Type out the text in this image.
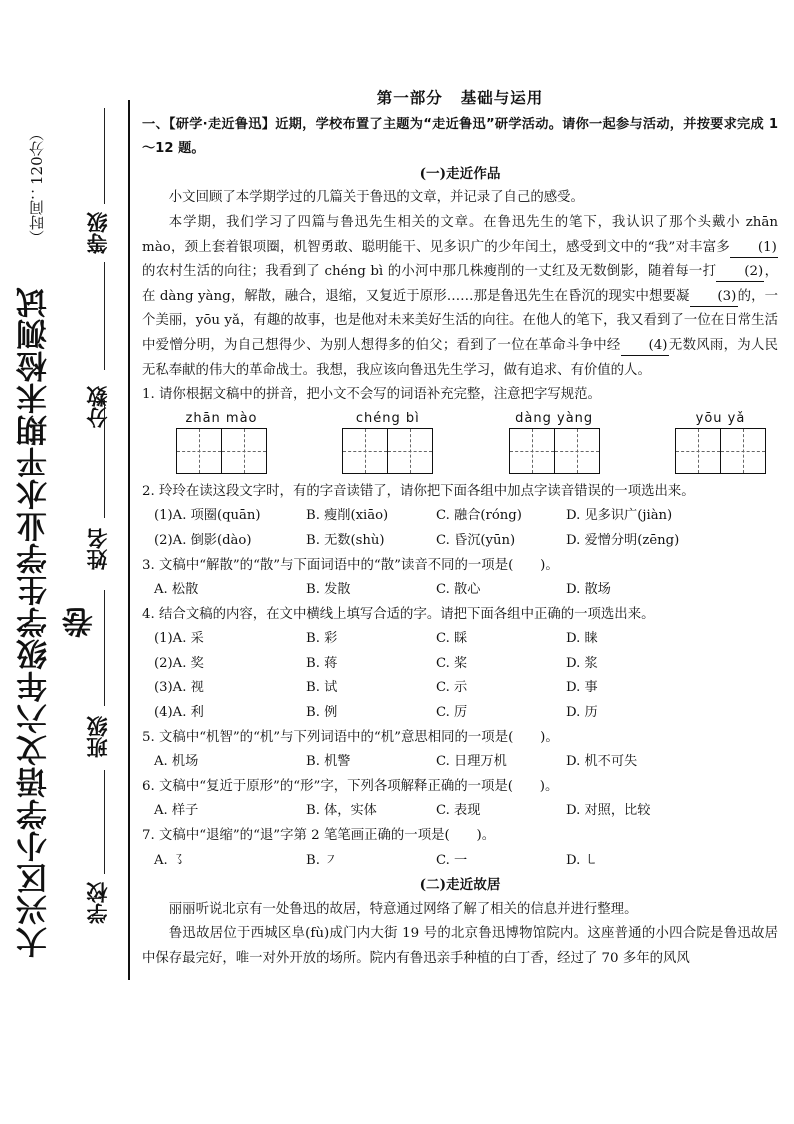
（时间：120分）
大兴区小学语文六年级学生学业水平期末检测试卷
学校
班级
姓名
分数
等级
第一部分 基础与运用

一、【研学·走近鲁迅】近期，学校布置了主题为“走近鲁迅”研学活动。请你一起参与活动，并按要求完成 1～12 题。

(一)走近作品

小文回顾了本学期学过的几篇关于鲁迅的文章，并记录了自己的感受。

本学期，我们学习了四篇与鲁迅先生相关的文章。在鲁迅先生的笔下，我认识了那个头戴小 zhān mào，颈上套着银项圈，机智勇敢、聪明能干、见多识广的少年闰土，感受到文中的“我”对丰富多 (1)的农村生活的向往；我看到了 chéng bì 的小河中那几株瘦削的一丈红及无数倒影，随着每一打 (2)，在 dàng yàng，解散，融合，退缩，又复近于原形……那是鲁迅先生在昏沉的现实中想要凝 (3)的，一个美丽，yōu yǎ，有趣的故事，也是他对未来美好生活的向往。在他人的笔下，我又看到了一位在日常生活中爱憎分明，为自己想得少、为别人想得多的伯父；看到了一位在革命斗争中经 (4)无数风雨，为人民无私奉献的伟大的革命战士。我想，我应该向鲁迅先生学习，做有追求、有价值的人。

1. 请你根据文稿中的拼音，把小文不会写的词语补充完整，注意把字写规范。

zhān mào	chéng bì	dàng yàng	yōu yǎ

2. 玲玲在读这段文字时，有的字音读错了，请你把下面各组中加点字读音错误的一项选出来。

(1)A. 项圈(quān)	B. 瘦削(xiāo)	C. 融合(róng)	D. 见多识广(jiàn)
(2)A. 倒影(dào)	B. 无数(shù)	C. 昏沉(yūn)	D. 爱憎分明(zēng)

3. 文稿中“解散”的“散”与下面词语中的“散”读音不同的一项是(　　)。

A. 松散	B. 发散	C. 散心	D. 散场

4. 结合文稿的内容，在文中横线上填写合适的字。请把下面各组中正确的一项选出来。

(1)A. 采	B. 彩	C. 睬	D. 睐
(2)A. 奖	B. 蒋	C. 桨	D. 浆
(3)A. 视	B. 试	C. 示	D. 事
(4)A. 利	B. 例	C. 厉	D. 历

5. 文稿中“机智”的“机”与下列词语中的“机”意思相同的一项是(　　)。

A. 机场	B. 机警	C. 日理万机	D. 机不可失

6. 文稿中“复近于原形”的“形”字，下列各项解释正确的一项是(　　)。

A. 样子	B. 体，实体	C. 表现	D. 对照，比较

7. 文稿中“退缩”的“退”字第 2 笔笔画正确的一项是(　　)。

A. ㇌	B. ㇇	C. 一	D. ㇄
(二)走近故居

丽丽听说北京有一处鲁迅的故居，特意通过网络了解了相关的信息并进行整理。

鲁迅故居位于西城区阜(fù)成门内大街 19 号的北京鲁迅博物馆院内。这座普通的小四合院是鲁迅故居中保存最完好，唯一对外开放的场所。院内有鲁迅亲手种植的白丁香，经过了 70 多年的风风
